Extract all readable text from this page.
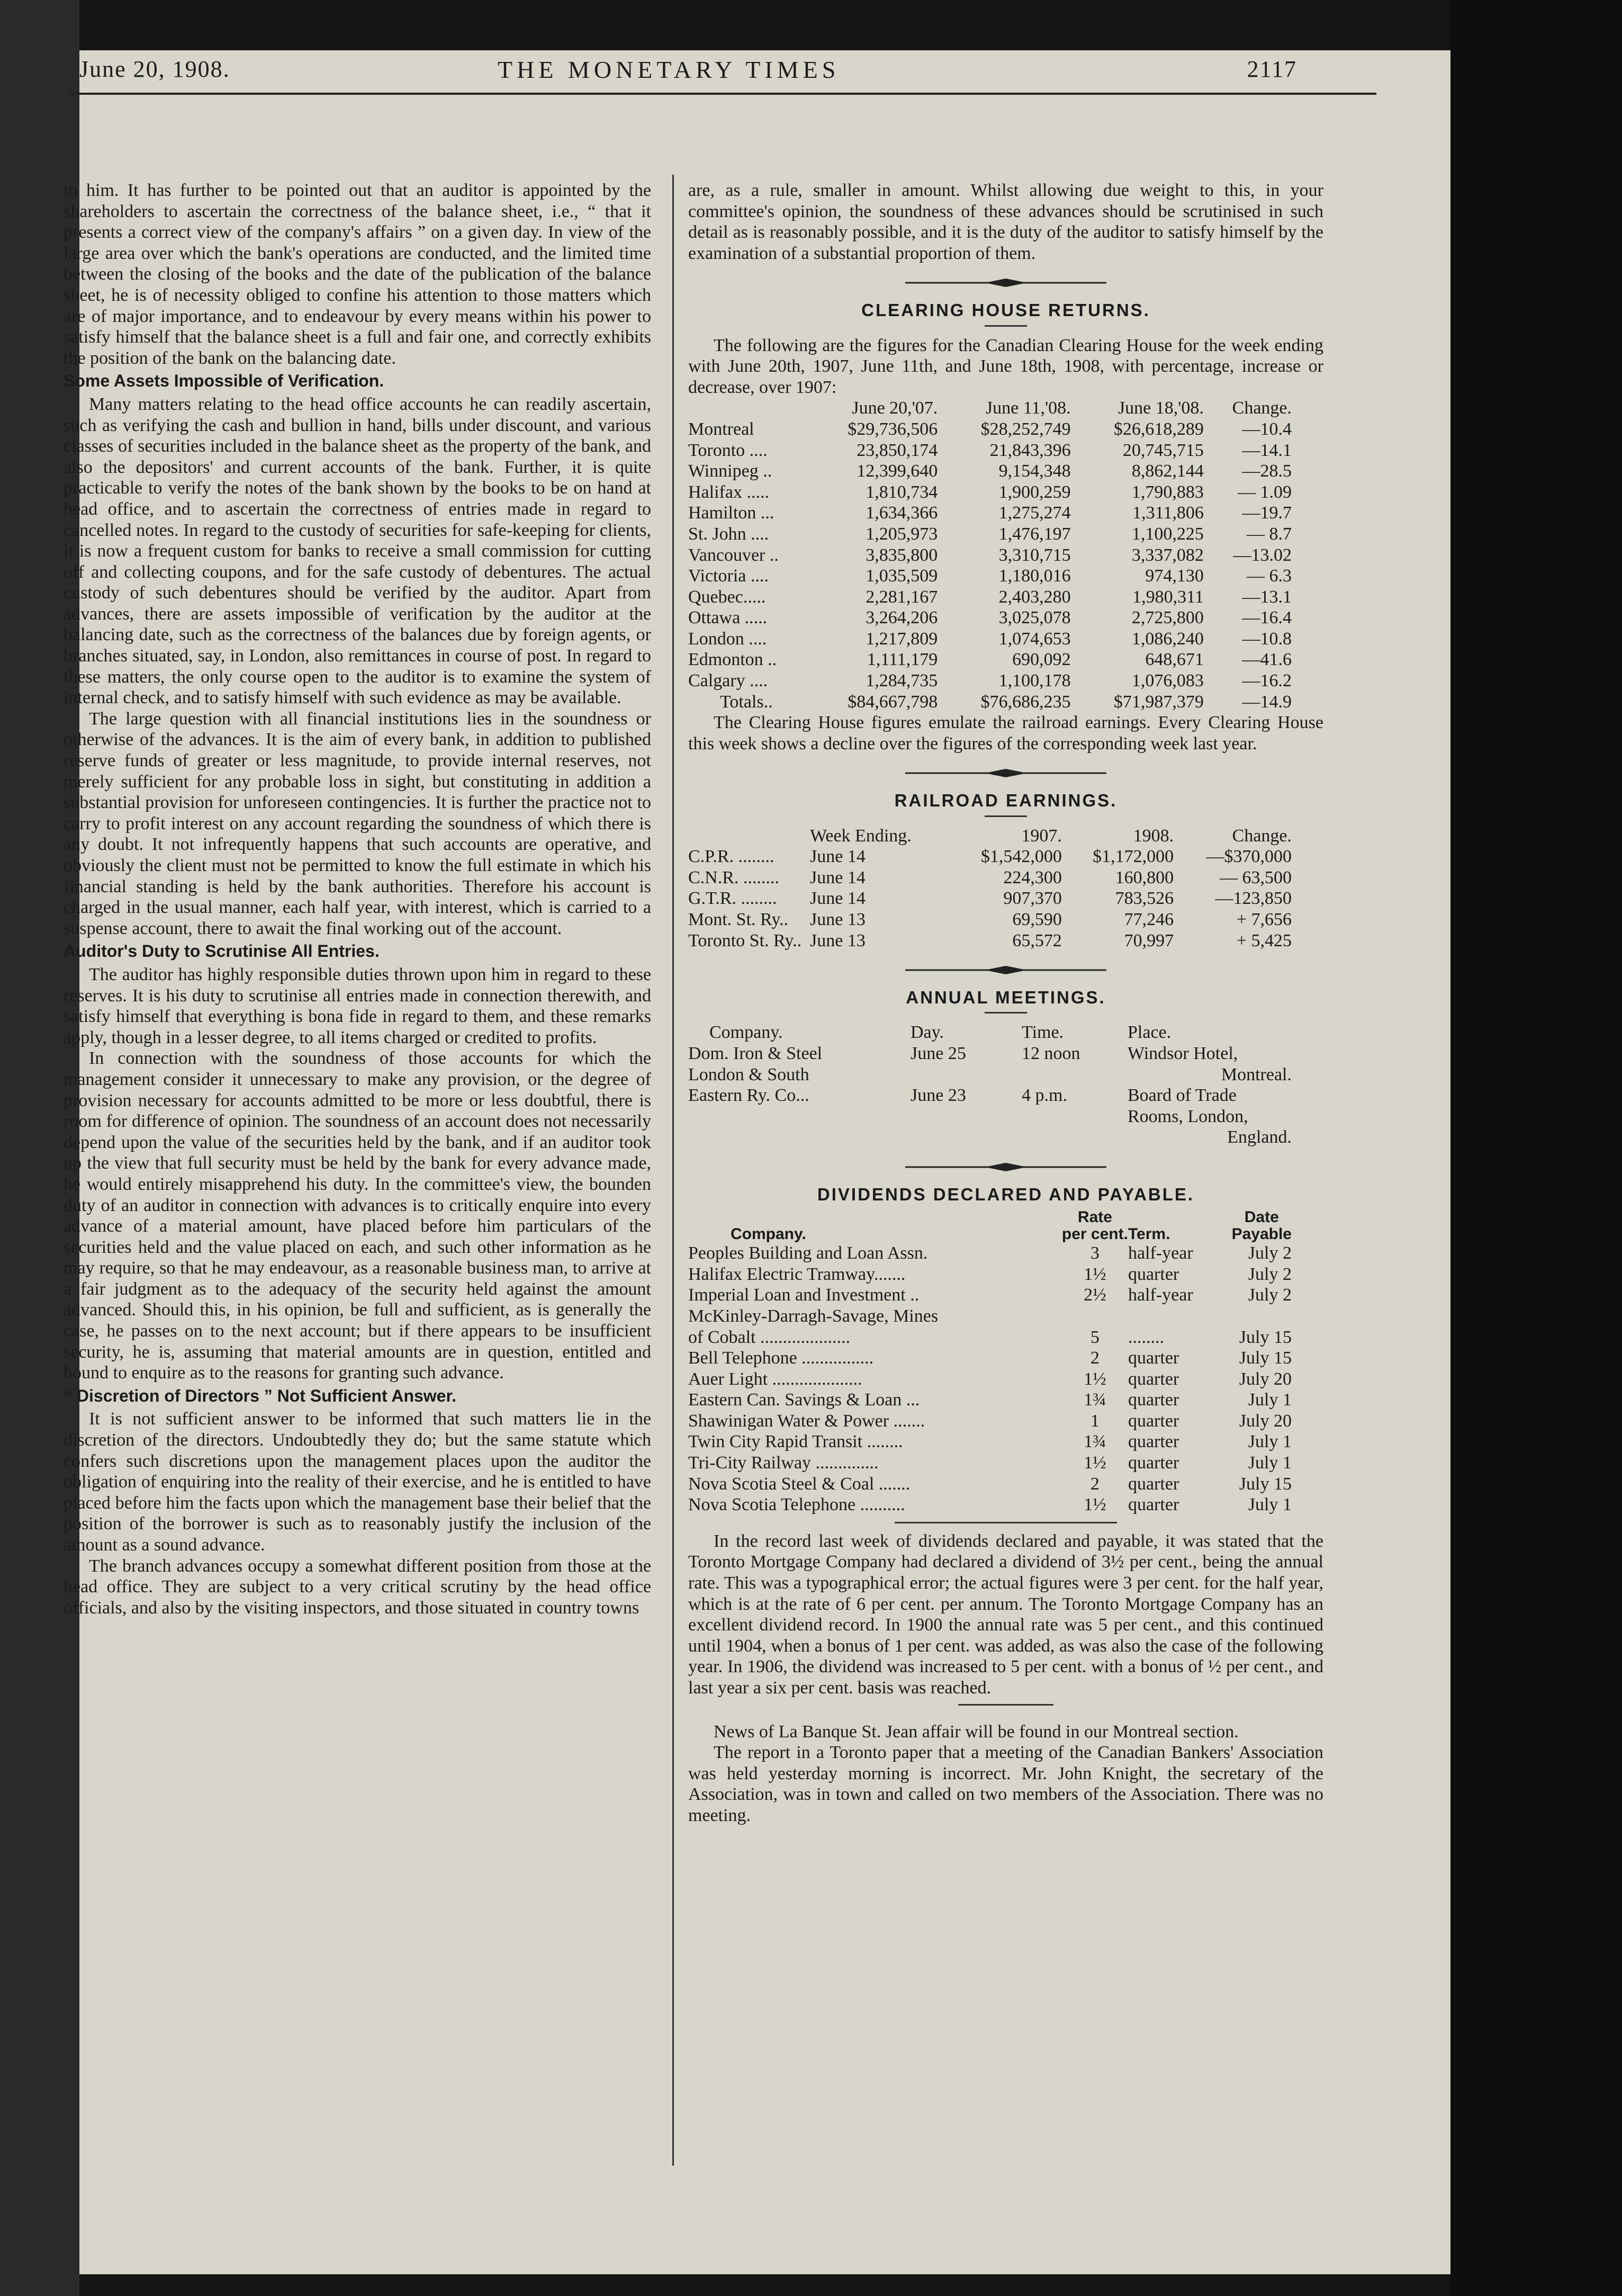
June 20, 1908.	THE MONETARY TIMES	2117

to him. It has further to be pointed out that an auditor is appointed by the shareholders to ascertain the correctness of the balance sheet, i.e., “ that it presents a correct view of the company's affairs ” on a given day. In view of the large area over which the bank's operations are conducted, and the limited time between the closing of the books and the date of the publication of the balance sheet, he is of necessity obliged to confine his attention to those matters which are of major importance, and to endeavour by every means within his power to satisfy himself that the balance sheet is a full and fair one, and correctly exhibits the position of the bank on the balancing date.

Some Assets Impossible of Verification.

Many matters relating to the head office accounts he can readily ascertain, such as verifying the cash and bullion in hand, bills under discount, and various classes of securities included in the balance sheet as the property of the bank, and also the depositors' and current accounts of the bank. Further, it is quite practicable to verify the notes of the bank shown by the books to be on hand at head office, and to ascertain the correctness of entries made in regard to cancelled notes. In regard to the custody of securities for safe-keeping for clients, it is now a frequent custom for banks to receive a small commission for cutting off and collecting coupons, and for the safe custody of debentures. The actual custody of such debentures should be verified by the auditor. Apart from advances, there are assets impossible of verification by the auditor at the balancing date, such as the correctness of the balances due by foreign agents, or branches situated, say, in London, also remittances in course of post. In regard to these matters, the only course open to the auditor is to examine the system of internal check, and to satisfy himself with such evidence as may be available.

The large question with all financial institutions lies in the soundness or otherwise of the advances. It is the aim of every bank, in addition to published reserve funds of greater or less magnitude, to provide internal reserves, not merely sufficient for any probable loss in sight, but constituting in addition a substantial provision for unforeseen contingencies. It is further the practice not to carry to profit interest on any account regarding the soundness of which there is any doubt. It not infrequently happens that such accounts are operative, and obviously the client must not be permitted to know the full estimate in which his financial standing is held by the bank authorities. Therefore his account is charged in the usual manner, each half year, with interest, which is carried to a suspense account, there to await the final working out of the account.

Auditor's Duty to Scrutinise All Entries.

The auditor has highly responsible duties thrown upon him in regard to these reserves. It is his duty to scrutinise all entries made in connection therewith, and satisfy himself that everything is bona fide in regard to them, and these remarks apply, though in a lesser degree, to all items charged or credited to profits.

In connection with the soundness of those accounts for which the management consider it unnecessary to make any provision, or the degree of provision necessary for accounts admitted to be more or less doubtful, there is room for difference of opinion. The soundness of an account does not necessarily depend upon the value of the securities held by the bank, and if an auditor took up the view that full security must be held by the bank for every advance made, he would entirely misapprehend his duty. In the committee's view, the bounden duty of an auditor in connection with advances is to critically enquire into every advance of a material amount, have placed before him particulars of the securities held and the value placed on each, and such other information as he may require, so that he may endeavour, as a reasonable business man, to arrive at a fair judgment as to the adequacy of the security held against the amount advanced. Should this, in his opinion, be full and sufficient, as is generally the case, he passes on to the next account; but if there appears to be insufficient security, he is, assuming that material amounts are in question, entitled and bound to enquire as to the reasons for granting such advance.

“ Discretion of Directors ” Not Sufficient Answer.

It is not sufficient answer to be informed that such matters lie in the discretion of the directors. Undoubtedly they do; but the same statute which confers such discretions upon the management places upon the auditor the obligation of enquiring into the reality of their exercise, and he is entitled to have placed before him the facts upon which the management base their belief that the position of the borrower is such as to reasonably justify the inclusion of the amount as a sound advance.

The branch advances occupy a somewhat different position from those at the head office. They are subject to a very critical scrutiny by the head office officials, and also by the visiting inspectors, and those situated in country towns

are, as a rule, smaller in amount. Whilst allowing due weight to this, in your committee's opinion, the soundness of these advances should be scrutinised in such detail as is reasonably possible, and it is the duty of the auditor to satisfy himself by the examination of a substantial proportion of them.

CLEARING HOUSE RETURNS.

The following are the figures for the Canadian Clearing House for the week ending with June 20th, 1907, June 11th, and June 18th, 1908, with percentage, increase or decrease, over 1907:

	June 20,'07.	June 11,'08.	June 18,'08.	Change.
Montreal	$29,736,506	$28,252,749	$26,618,289	—10.4
Toronto ....	23,850,174	21,843,396	20,745,715	—14.1
Winnipeg ..	12,399,640	9,154,348	8,862,144	—28.5
Halifax .....	1,810,734	1,900,259	1,790,883	— 1.09
Hamilton ...	1,634,366	1,275,274	1,311,806	—19.7
St. John ....	1,205,973	1,476,197	1,100,225	— 8.7
Vancouver ..	3,835,800	3,310,715	3,337,082	—13.02
Victoria ....	1,035,509	1,180,016	974,130	— 6.3
Quebec.....	2,281,167	2,403,280	1,980,311	—13.1
Ottawa .....	3,264,206	3,025,078	2,725,800	—16.4
London ....	1,217,809	1,074,653	1,086,240	—10.8
Edmonton ..	1,111,179	690,092	648,671	—41.6
Calgary ....	1,284,735	1,100,178	1,076,083	—16.2
Totals..	$84,667,798	$76,686,235	$71,987,379	—14.9

The Clearing House figures emulate the railroad earnings. Every Clearing House this week shows a decline over the figures of the corresponding week last year.

RAILROAD EARNINGS.
	Week Ending.	1907.	1908.	Change.
C.P.R. ........	June 14	$1,542,000	$1,172,000	—$370,000
C.N.R. ........	June 14	224,300	160,800	— 63,500
G.T.R. ........	June 14	907,370	783,526	—123,850
Mont. St. Ry..	June 13	69,590	77,246	+ 7,656
Toronto St. Ry..	June 13	65,572	70,997	+ 5,425
ANNUAL MEETINGS.
Company.	Day.	Time.	Place.
Dom. Iron & Steel	June 25	12 noon	Windsor Hotel,
London & South			Montreal.
Eastern Ry. Co...	June 23	4 p.m.	Board of Trade
			Rooms, London,
			England.
DIVIDENDS DECLARED AND PAYABLE.
	Rate		Date
Company.	per cent.	Term.	Payable
Peoples Building and Loan Assn.	3	half-year	July 2
Halifax Electric Tramway.......	1½	quarter	July 2
Imperial Loan and Investment ..	2½	half-year	July 2
McKinley-Darragh-Savage, Mines			
of Cobalt ....................	5	........	July 15
Bell Telephone ................	2	quarter	July 15
Auer Light ....................	1½	quarter	July 20
Eastern Can. Savings & Loan ...	1¾	quarter	July 1
Shawinigan Water & Power .......	1	quarter	July 20
Twin City Rapid Transit ........	1¾	quarter	July 1
Tri-City Railway ..............	1½	quarter	July 1
Nova Scotia Steel & Coal .......	2	quarter	July 15
Nova Scotia Telephone ..........	1½	quarter	July 1

In the record last week of dividends declared and payable, it was stated that the Toronto Mortgage Company had declared a dividend of 3½ per cent., being the annual rate. This was a typographical error; the actual figures were 3 per cent. for the half year, which is at the rate of 6 per cent. per annum. The Toronto Mortgage Company has an excellent dividend record. In 1900 the annual rate was 5 per cent., and this continued until 1904, when a bonus of 1 per cent. was added, as was also the case of the following year. In 1906, the dividend was increased to 5 per cent. with a bonus of ½ per cent., and last year a six per cent. basis was reached.

News of La Banque St. Jean affair will be found in our Montreal section.

The report in a Toronto paper that a meeting of the Canadian Bankers' Association was held yesterday morning is incorrect. Mr. John Knight, the secretary of the Association, was in town and called on two members of the Association. There was no meeting.
